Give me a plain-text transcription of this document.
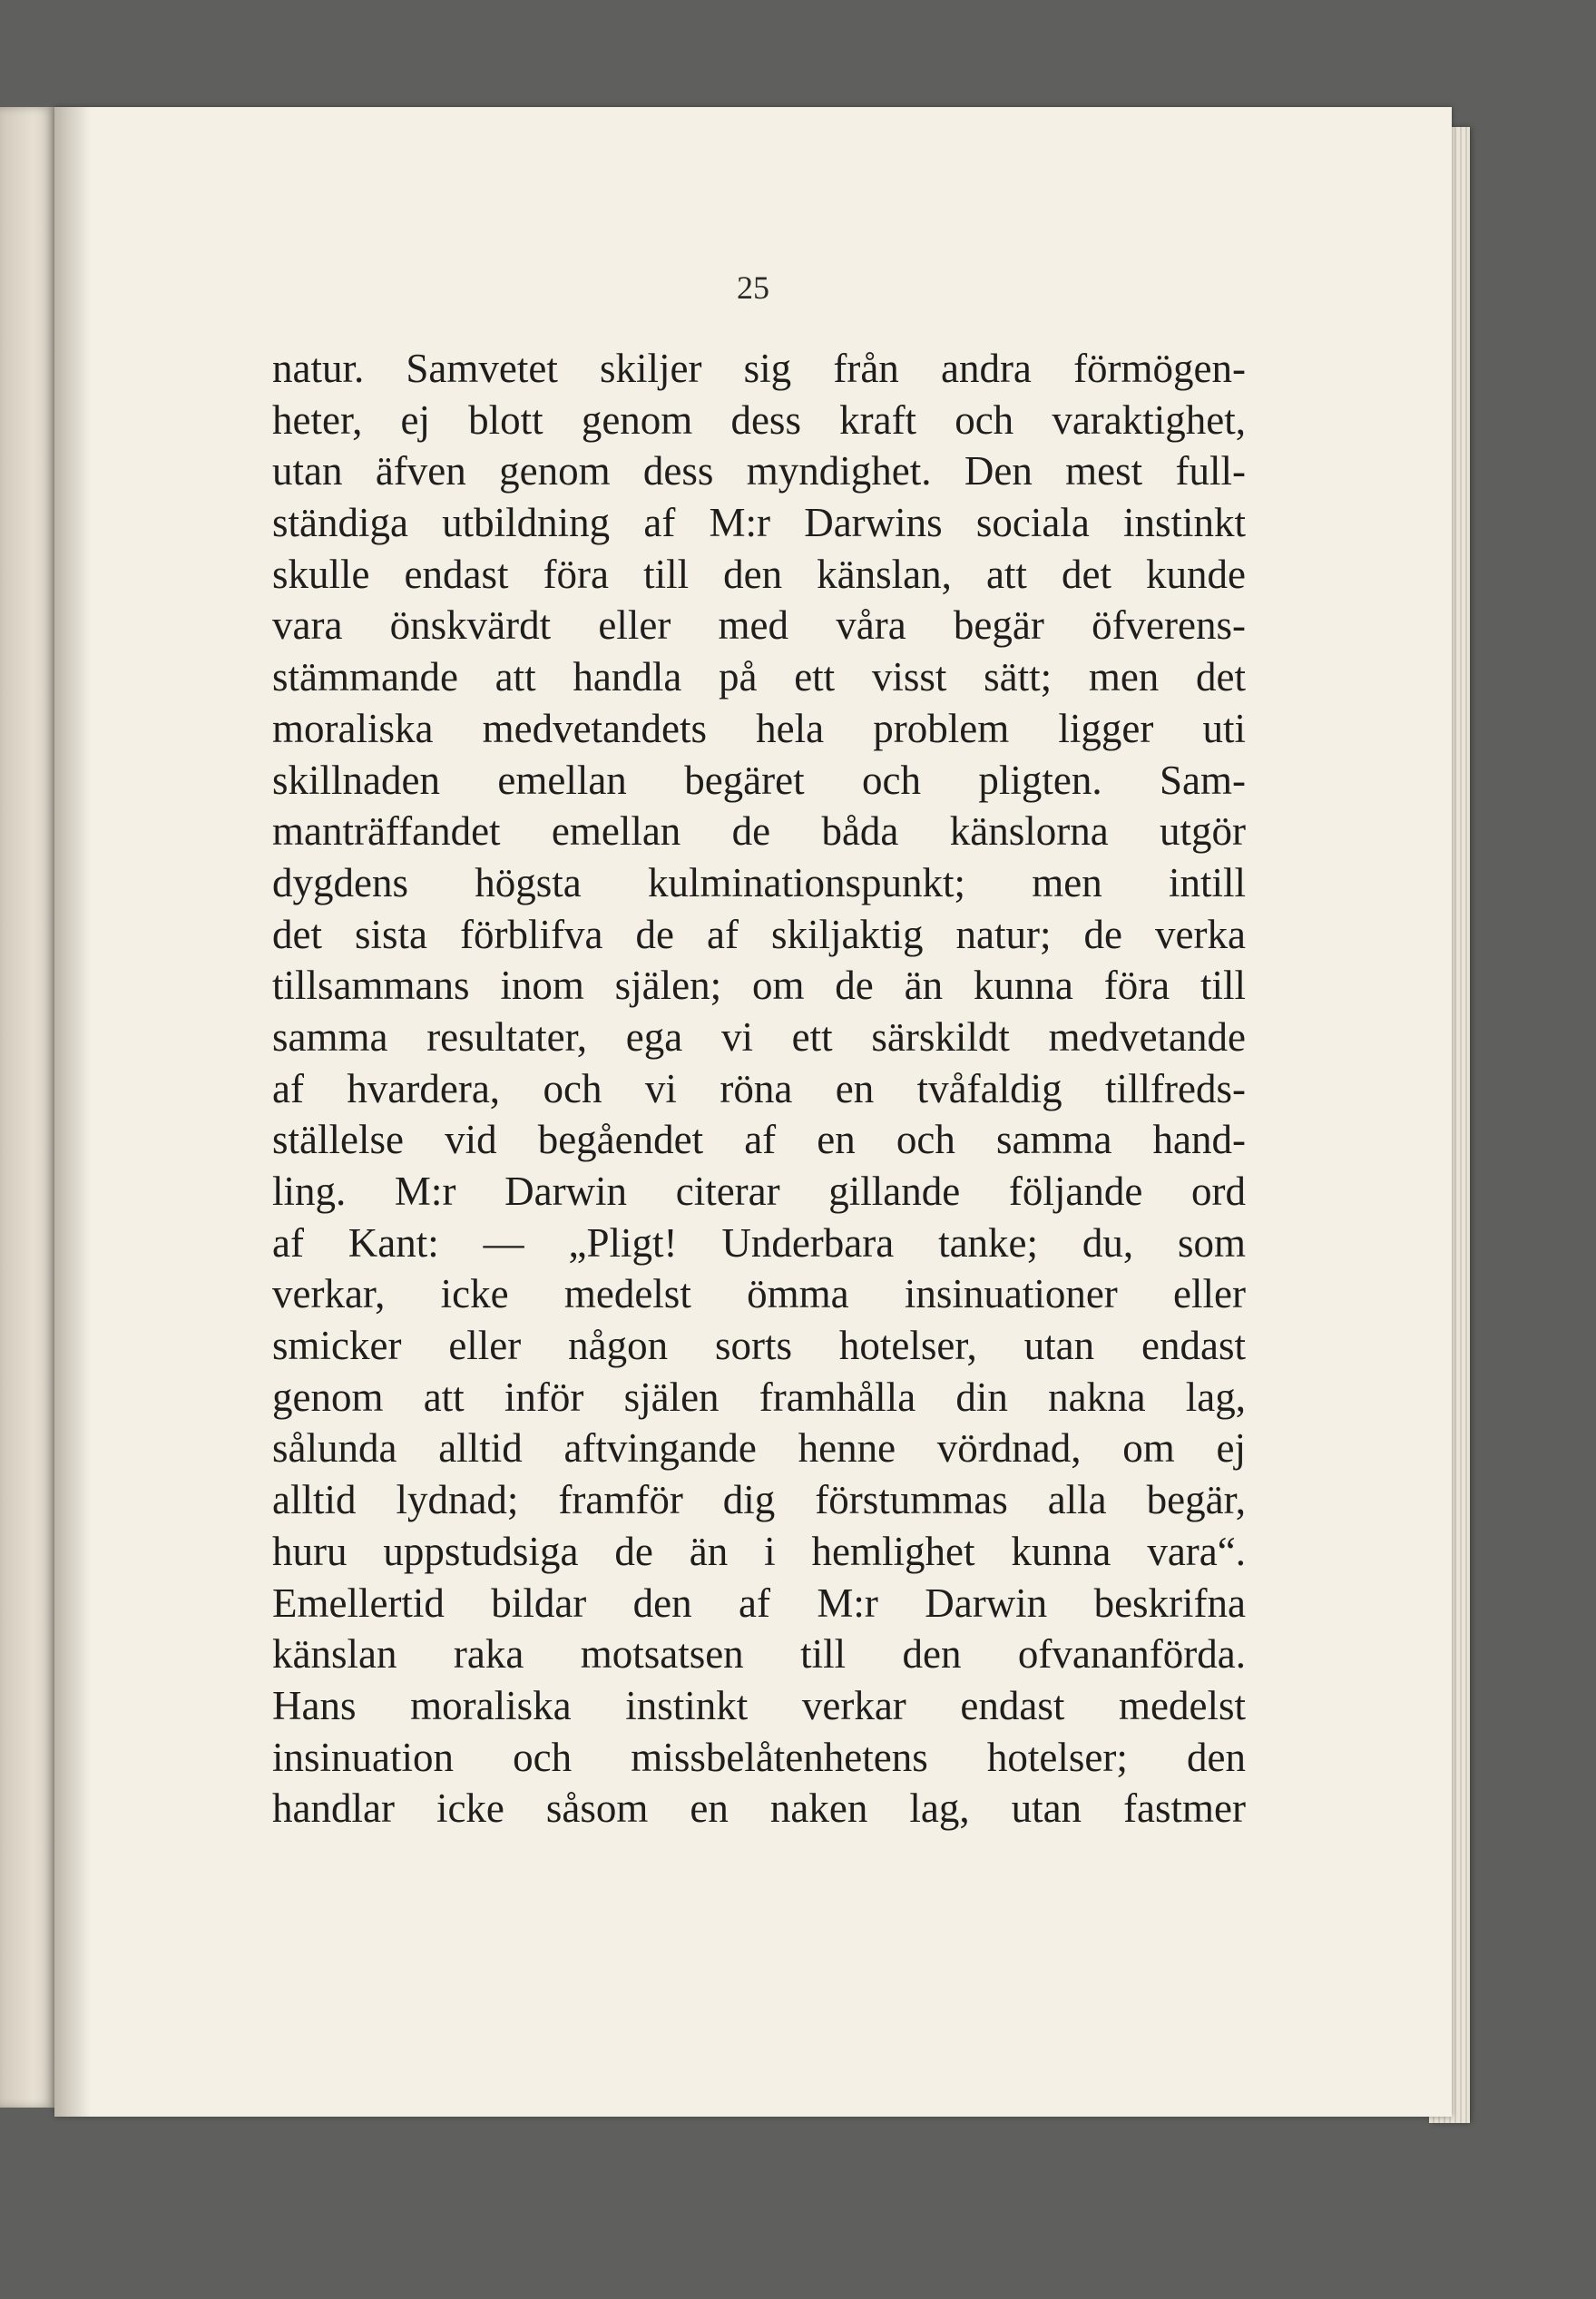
25
natur. Samvetet skiljer sig från andra förmögen-
heter, ej blott genom dess kraft och varaktighet,
utan äfven genom dess myndighet. Den mest full-
ständiga utbildning af M:r Darwins sociala instinkt
skulle endast föra till den känslan, att det kunde
vara önskvärdt eller med våra begär öfverens-
stämmande att handla på ett visst sätt; men det
moraliska medvetandets hela problem ligger uti
skillnaden emellan begäret och pligten. Sam-
manträffandet emellan de båda känslorna utgör
dygdens högsta kulminationspunkt; men intill
det sista förblifva de af skiljaktig natur; de verka
tillsammans inom själen; om de än kunna föra till
samma resultater, ega vi ett särskildt medvetande
af hvardera, och vi röna en tvåfaldig tillfreds-
ställelse vid begåendet af en och samma hand-
ling. M:r Darwin citerar gillande följande ord
af Kant: — „Pligt! Underbara tanke; du, som
verkar, icke medelst ömma insinuationer eller
smicker eller någon sorts hotelser, utan endast
genom att inför själen framhålla din nakna lag,
sålunda alltid aftvingande henne vördnad, om ej
alltid lydnad; framför dig förstummas alla begär,
huru uppstudsiga de än i hemlighet kunna vara“.
Emellertid bildar den af M:r Darwin beskrifna
känslan raka motsatsen till den ofvananförda.
Hans moraliska instinkt verkar endast medelst
insinuation och missbelåtenhetens hotelser; den
handlar icke såsom en naken lag, utan fastmer
